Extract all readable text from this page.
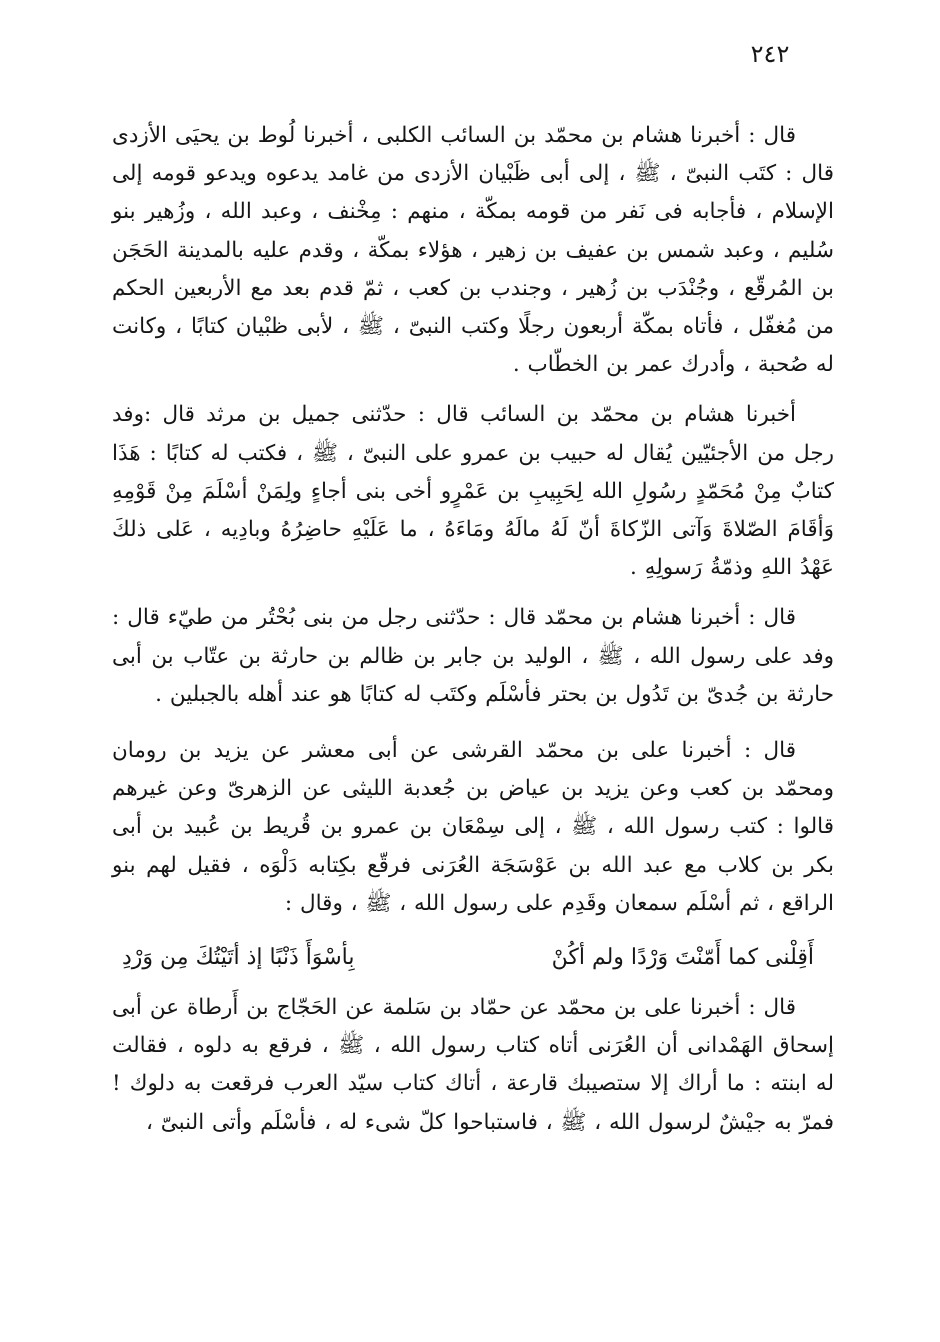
٢٤٢

قال : أخبرنا هشام بن محمّد بن السائب الكلبى ، أخبرنا لُوط بن يحيَى الأزدى قال : كتَب النبىّ ، ﷺ ، إلى أبى ظَبْيان الأزدى من غامد يدعوه ويدعو قومه إلى الإسلام ، فأجابه فى نَفر من قومه بمكّة ، منهم : مِخْنف ، وعبد الله ، وزُهير بنو سُليم ، وعبد شمس بن عفيف بن زهير ، هؤلاء بمكّة ، وقدم عليه بالمدينة الحَجَن بن المُرقّع ، وجُنْدَب بن زُهير ، وجندب بن كعب ، ثمّ قدم بعد مع الأربعين الحكم من مُغفّل ، فأتاه بمكّة أربعون رجلًا وكتب النبىّ ، ﷺ ، لأبى ظبْيان كتابًا ، وكانت له صُحبة ، وأدرك عمر بن الخطّاب .

أخبرنا هشام بن محمّد بن السائب قال : حدّثنى جميل بن مرثد قال :وفد رجل من الأجئيّين يُقال له حبيب بن عمرو على النبىّ ، ﷺ ، فكتب له كتابًا : هَذَا كتابٌ مِنْ مُحَمّدٍ رسُولِ الله لِحَبِيبِ بن عَمْرٍو أخى بنى أجاءٍ ولِمَنْ أسْلَمَ مِنْ قَوْمِهِ وَأقَامَ الصّلاةَ وَآتى الزّكاةَ أنّ لَهُ مالَهُ ومَاءَهُ ، ما عَلَيْهِ حاضِرُهُ وبادِيه ، عَلى ذلكَ عَهْدُ اللهِ وذمّةُ رَسولِهِ .

قال : أخبرنا هشام بن محمّد قال : حدّثنى رجل من بنى بُحْتُر من طيّء قال : وفد على رسول الله ، ﷺ ، الوليد بن جابر بن ظالم بن حارثة بن عتّاب بن أبى حارثة بن جُدىّ بن تَدُول بن بحتر فأسْلَم وكتَب له كتابًا هو عند أهله بالجبلين .

قال : أخبرنا على بن محمّد القرشى عن أبى معشر عن يزيد بن رومان ومحمّد بن كعب وعن يزيد بن عياض بن جُعدبة الليثى عن الزهرىّ وعن غيرهم قالوا : كتب رسول الله ، ﷺ ، إلى سِمْعَان بن عمرو بن قُريط بن عُبيد بن أبى بكر بن كلاب مع عبد الله بن عَوْسَجَة العُرَنى فرقّع بكِتابه دَلْوَه ، فقيل لهم بنو الراقع ، ثم أسْلَم سمعان وقَدِم على رسول الله ، ﷺ ، وقال :

أَقِلْنى كما أَمّنْتَ وَرْدًا ولم أكُنْ
بِأسْوَأَ ذَنْبًا إذ أتَيْتُكَ مِن وَرْدِ

قال : أخبرنا على بن محمّد عن حمّاد بن سَلمة عن الحَجّاج بن أَرطاة عن أبى إسحاق الهَمْدانى أن العُرَنى أتاه كتاب رسول الله ، ﷺ ، فرقع به دلوه ، فقالت له ابنته : ما أراك إلا ستصيبك قارعة ، أتاك كتاب سيّد العرب فرقعت به دلوك ! فمرّ به جيْشٌ لرسول الله ، ﷺ ، فاستباحوا كلّ شىء له ، فأسْلَم وأتى النبىّ ،
